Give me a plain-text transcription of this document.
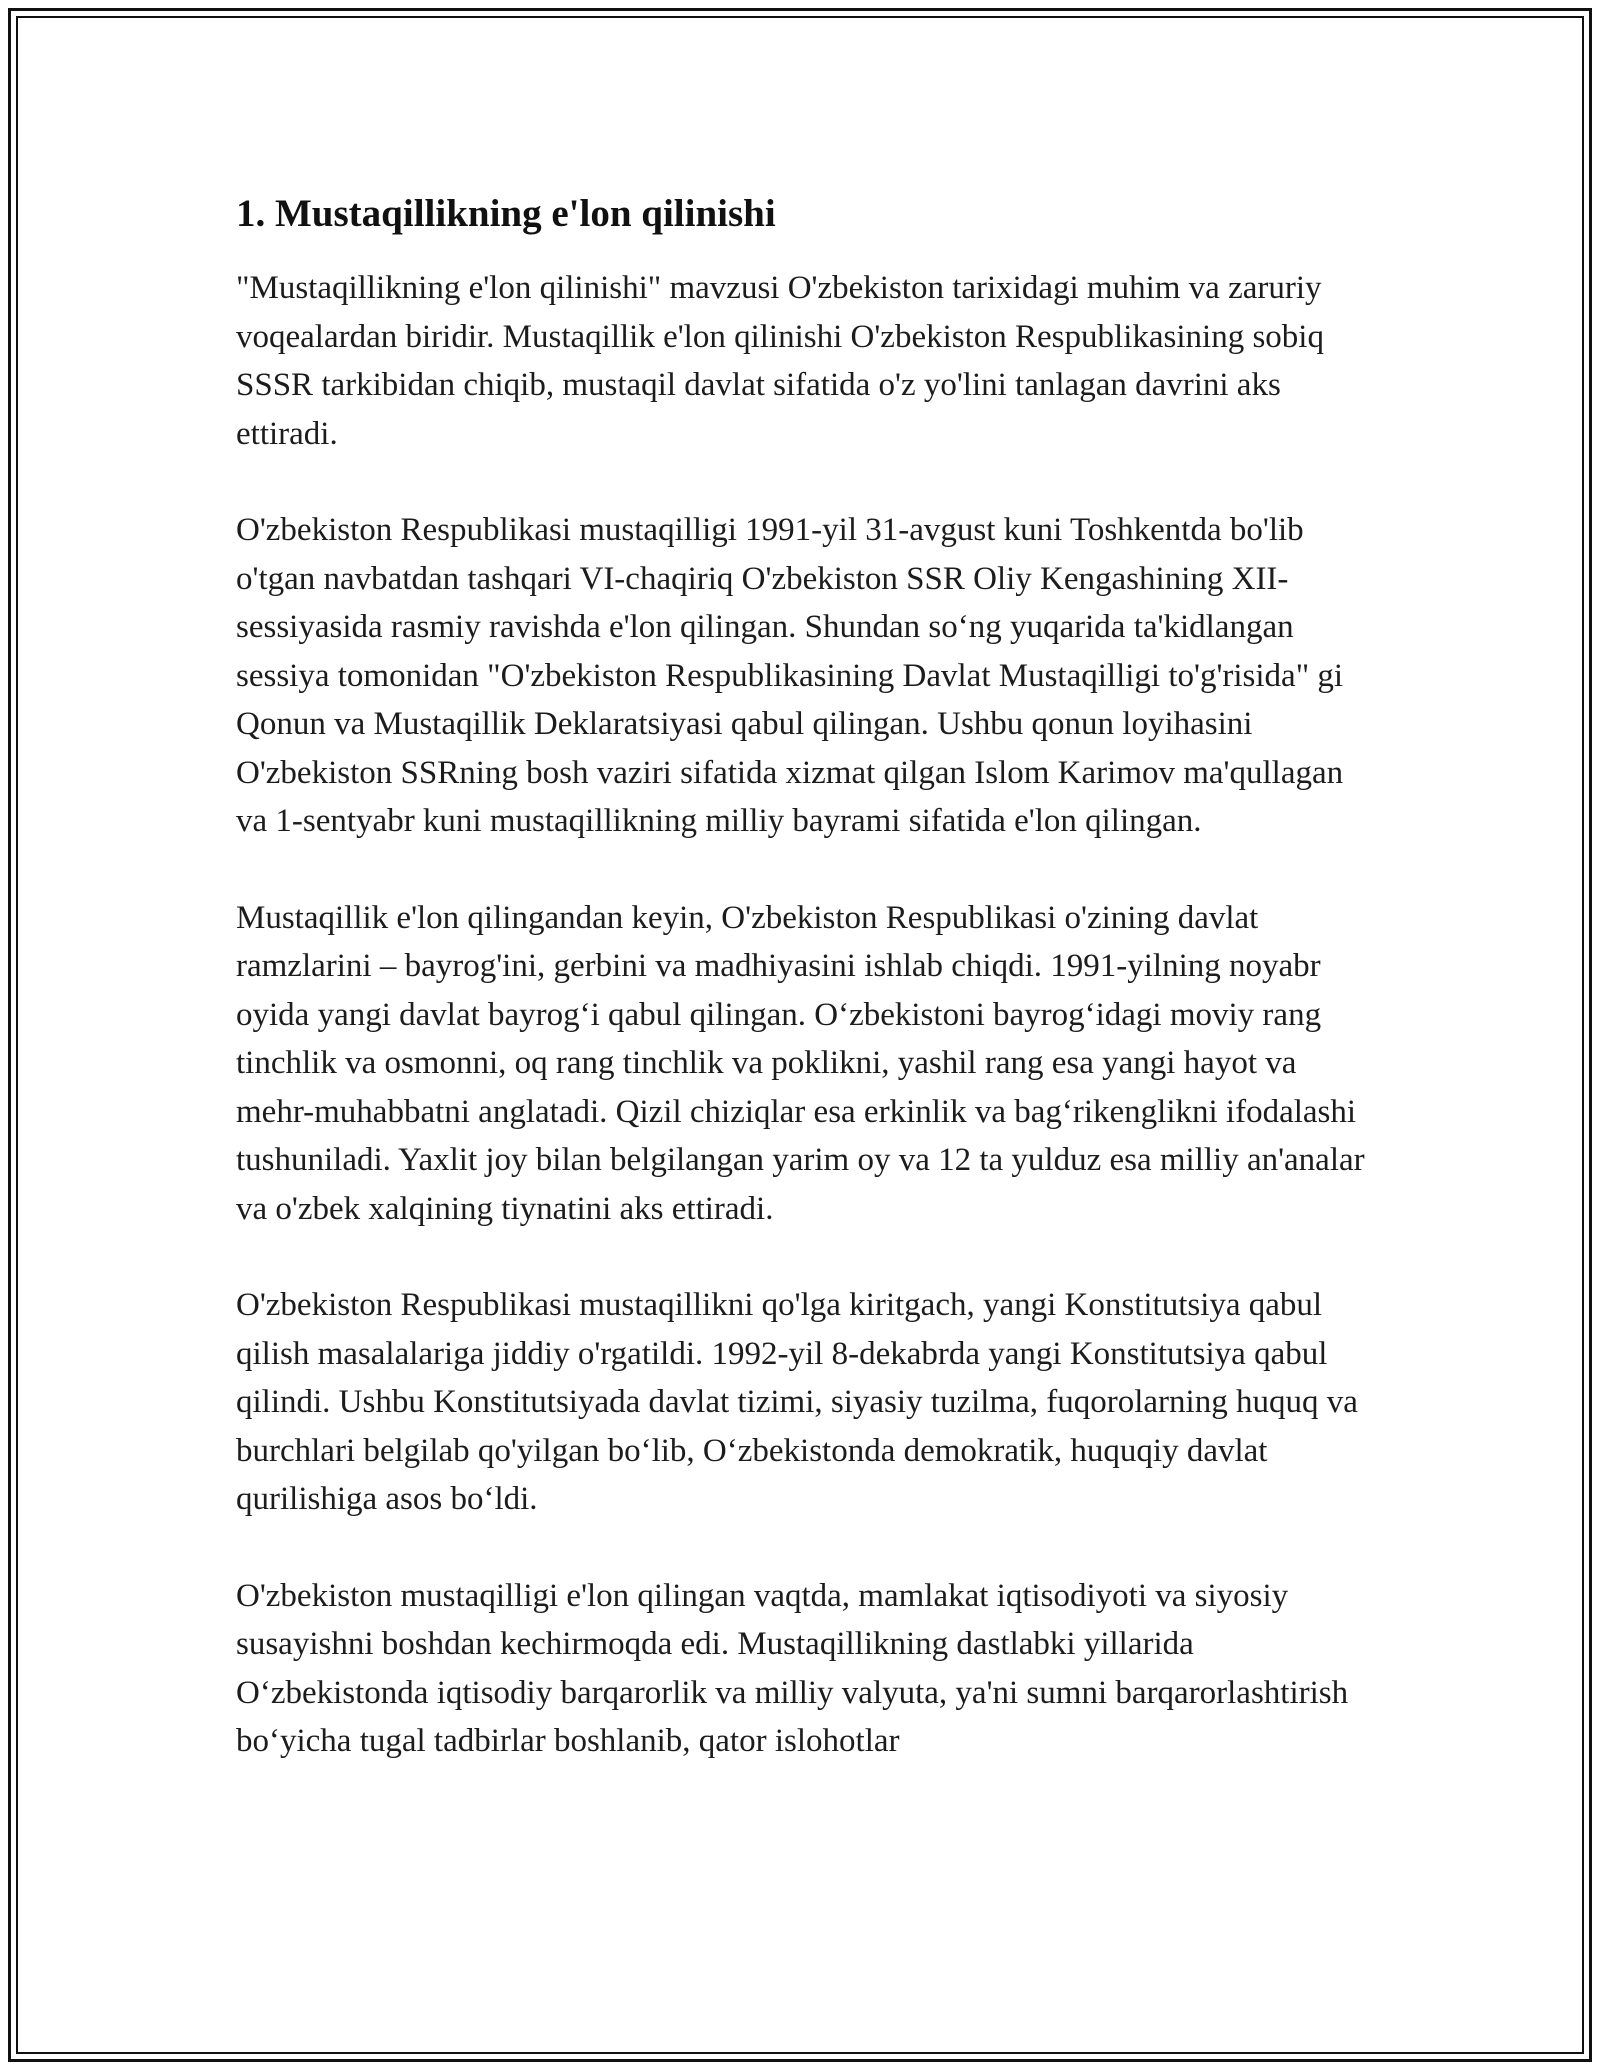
1. Mustaqillikning e'lon qilinishi

"Mustaqillikning e'lon qilinishi" mavzusi O'zbekiston tarixidagi muhim va zaruriy voqealardan biridir. Mustaqillik e'lon qilinishi O'zbekiston Respublikasining sobiq SSSR tarkibidan chiqib, mustaqil davlat sifatida o'z yo'lini tanlagan davrini aks ettiradi.

O'zbekiston Respublikasi mustaqilligi 1991-yil 31-avgust kuni Toshkentda bo'lib o'tgan navbatdan tashqari VI-chaqiriq O'zbekiston SSR Oliy Kengashining XII-sessiyasida rasmiy ravishda e'lon qilingan. Shundan so‘ng yuqarida ta'kidlangan sessiya tomonidan "O'zbekiston Respublikasining Davlat Mustaqilligi to'g'risida" gi Qonun va Mustaqillik Deklaratsiyasi qabul qilingan. Ushbu qonun loyihasini O'zbekiston SSRning bosh vaziri sifatida xizmat qilgan Islom Karimov ma'qullagan va 1-sentyabr kuni mustaqillikning milliy bayrami sifatida e'lon qilingan.

Mustaqillik e'lon qilingandan keyin, O'zbekiston Respublikasi o'zining davlat ramzlarini – bayrog'ini, gerbini va madhiyasini ishlab chiqdi. 1991-yilning noyabr oyida yangi davlat bayrog‘i qabul qilingan. O‘zbekistoni bayrog‘idagi moviy rang tinchlik va osmonni, oq rang tinchlik va poklikni, yashil rang esa yangi hayot va mehr-muhabbatni anglatadi. Qizil chiziqlar esa erkinlik va bag‘rikenglikni ifodalashi tushuniladi. Yaxlit joy bilan belgilangan yarim oy va 12 ta yulduz esa milliy an'analar va o'zbek xalqining tiynatini aks ettiradi.

O'zbekiston Respublikasi mustaqillikni qo'lga kiritgach, yangi Konstitutsiya qabul qilish masalalariga jiddiy o'rgatildi. 1992-yil 8-dekabrda yangi Konstitutsiya qabul qilindi. Ushbu Konstitutsiyada davlat tizimi, siyasiy tuzilma, fuqorolarning huquq va burchlari belgilab qo'yilgan bo‘lib, O‘zbekistonda demokratik, huquqiy davlat qurilishiga asos bo‘ldi.

O'zbekiston mustaqilligi e'lon qilingan vaqtda, mamlakat iqtisodiyoti va siyosiy susayishni boshdan kechirmoqda edi. Mustaqillikning dastlabki yillarida O‘zbekistonda iqtisodiy barqarorlik va milliy valyuta, ya'ni sumni barqarorlashtirish bo‘yicha tugal tadbirlar boshlanib, qator islohotlar
